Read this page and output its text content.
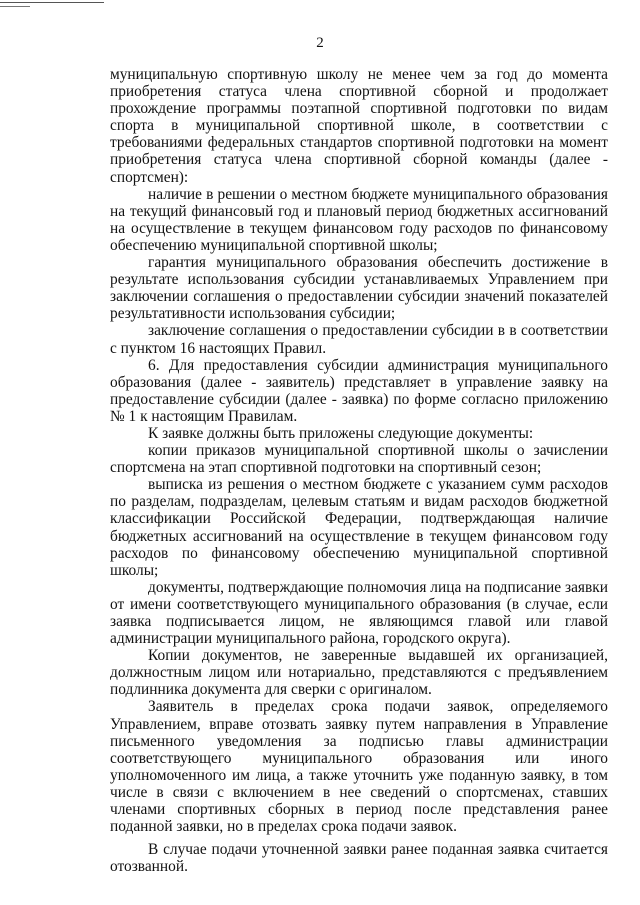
2

муниципальную спортивную школу не менее чем за год до момента приобретения статуса члена спортивной сборной и продолжает прохождение программы поэтапной спортивной подготовки по видам спорта в муниципальной спортивной школе, в соответствии с требованиями федеральных стандартов спортивной подготовки на момент приобретения статуса члена спортивной сборной команды (далее - спортсмен):

наличие в решении о местном бюджете муниципального образования на текущий финансовый год и плановый период бюджетных ассигнований на осуществление в текущем финансовом году расходов по финансовому обеспечению муниципальной спортивной школы;

гарантия муниципального образования обеспечить достижение в результате использования субсидии устанавливаемых Управлением при заключении соглашения о предоставлении субсидии значений показателей результативности использования субсидии;

заключение соглашения о предоставлении субсидии в в соответствии с пунктом 16 настоящих Правил.

6. Для предоставления субсидии администрация муниципального образования (далее - заявитель) представляет в управление заявку на предоставление субсидии (далее - заявка) по форме согласно приложению № 1 к настоящим Правилам.

К заявке должны быть приложены следующие документы:

копии приказов муниципальной спортивной школы о зачислении спортсмена на этап спортивной подготовки на спортивный сезон;

выписка из решения о местном бюджете с указанием сумм расходов по разделам, подразделам, целевым статьям и видам расходов бюджетной классификации Российской Федерации, подтверждающая наличие бюджетных ассигнований на осуществление в текущем финансовом году расходов по финансовому обеспечению муниципальной спортивной школы;

документы, подтверждающие полномочия лица на подписание заявки от имени соответствующего муниципального образования (в случае, если заявка подписывается лицом, не являющимся главой или главой администрации муниципального района, городского округа).

Копии документов, не заверенные выдавшей их организацией, должностным лицом или нотариально, представляются с предъявлением подлинника документа для сверки с оригиналом.

Заявитель в пределах срока подачи заявок, определяемого Управлением, вправе отозвать заявку путем направления в Управление письменного уведомления за подписью главы администрации соответствующего муниципального образования или иного уполномоченного им лица, а также уточнить уже поданную заявку, в том числе в связи с включением в нее сведений о спортсменах, ставших членами спортивных сборных в период после представления ранее поданной заявки, но в пределах срока подачи заявок.

В случае подачи уточненной заявки ранее поданная заявка считается отозванной.
